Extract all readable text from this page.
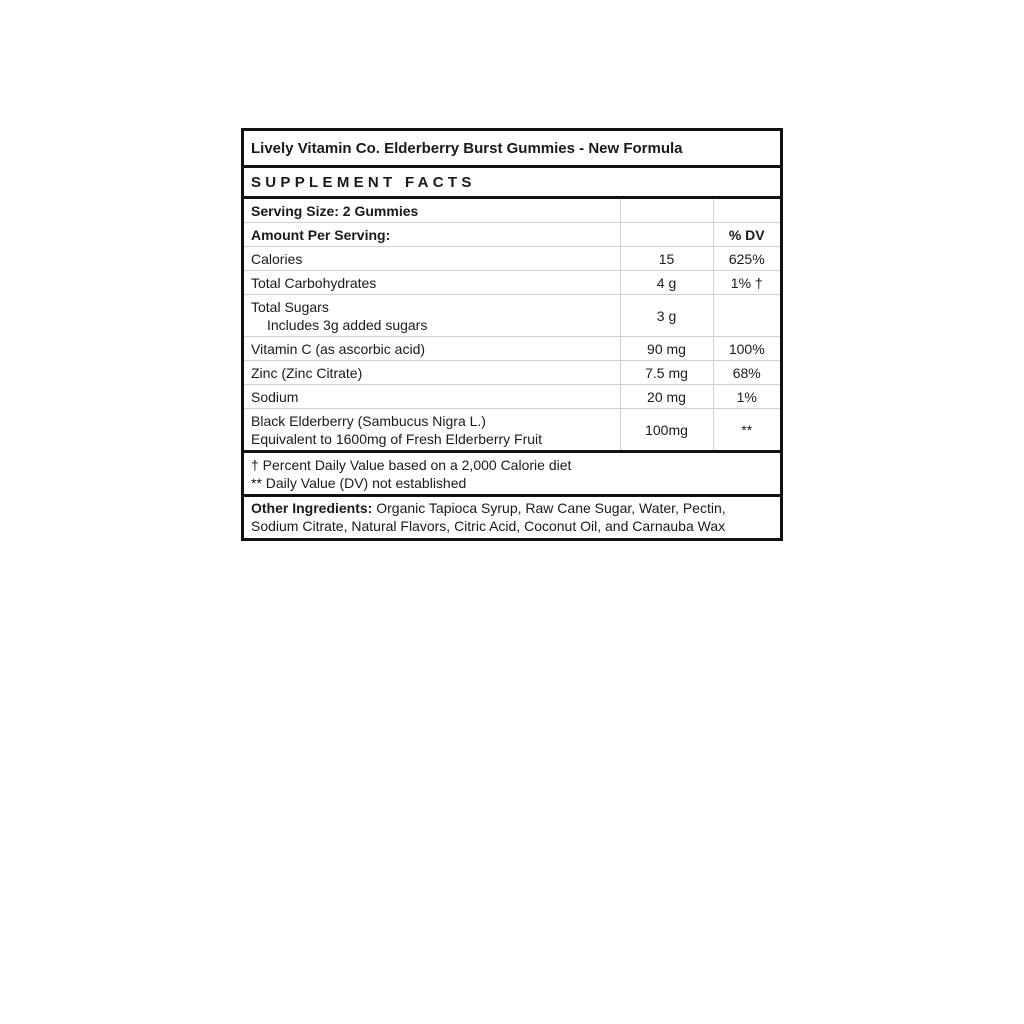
Lively Vitamin Co. Elderberry Burst Gummies - New Formula
SUPPLEMENT FACTS
Serving Size: 2 Gummies		
Amount Per Serving:		% DV
Calories	15	625%
Total Carbohydrates	4 g	1% †

Total Sugars
Includes 3g added sugars	3 g	
Vitamin C (as ascorbic acid)	90 mg	100%
Zinc (Zinc Citrate)	7.5 mg	68%
Sodium	20 mg	1%

Black Elderberry (Sambucus Nigra L.)
Equivalent to 1600mg of Fresh Elderberry Fruit	100mg	**
† Percent Daily Value based on a 2,000 Calorie diet
** Daily Value (DV) not established
Other Ingredients: Organic Tapioca Syrup, Raw Cane Sugar, Water, Pectin, Sodium Citrate, Natural Flavors, Citric Acid, Coconut Oil, and Carnauba Wax
